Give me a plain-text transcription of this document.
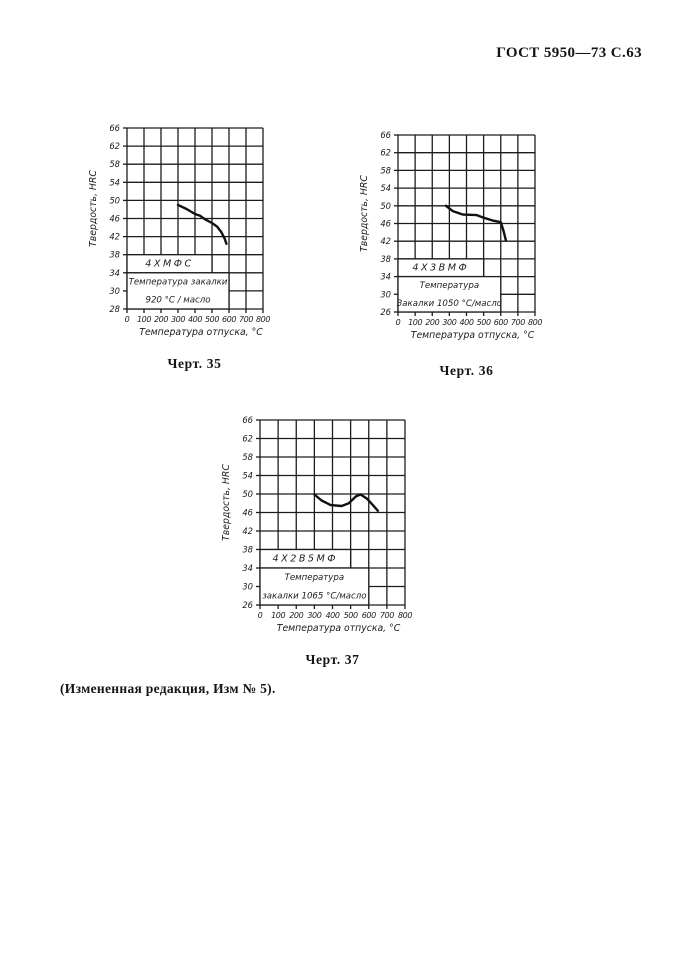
ГОСТ 5950—73 С.63
66
62
58
54
50
46
42
38
34
30
28
0 100 200 300 400 500 600 700 800
Температура отпуска, °С
Твердость, HRC
4ХМФС
Температура закалки
920 °С / масло
Черт. 35
66
62
58
54
50
46
42
38
34
30
26
0 100 200 300 400 500 600 700 800
Температура отпуска, °С
Твердость, HRC
4Х3ВМФ
Температура
Закалки 1050 °С/масло
Черт. 36
66
62
58
54
50
46
42
38
34
30
26
0 100 200 300 400 500 600 700 800
Температура отпуска, °С
Твердость, HRC
4Х2В5МФ
Температура
закалки 1065 °С/масло
Черт. 37
(Измененная редакция, Изм № 5).
